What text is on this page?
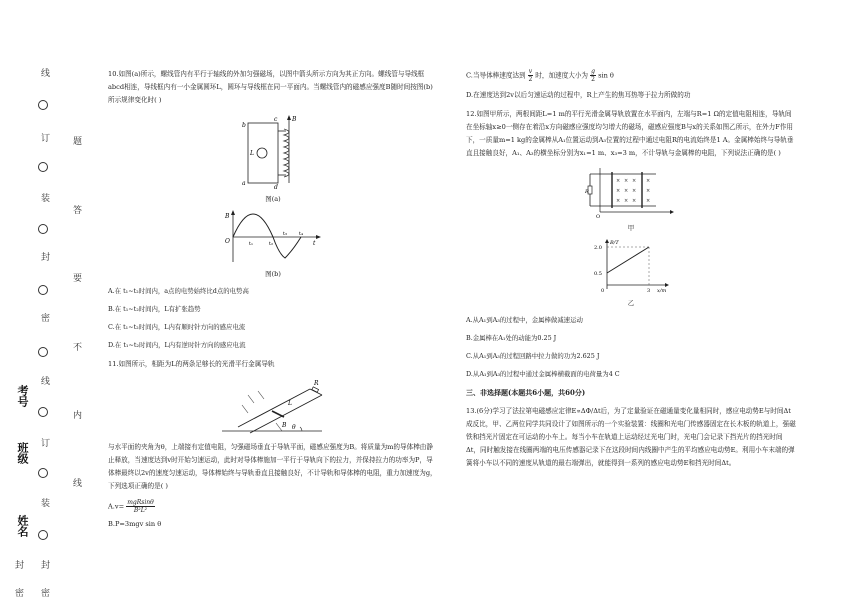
线
订
装
封
密
线
订
装
封
密
题
答
要
不
内
线
考号
班级
姓名
封
密

10.如图(a)所示，螺线管内有平行于轴线的外加匀强磁场，以图中箭头所示方向为其正方向。螺线管与导线框abcd相连，导线框内有一小金属圆环L，圆环与导线框在同一平面内。当螺线管内的磁感应强度B随时间按图(b)所示规律变化时( )

L
b
a
c
d
B

图(a)

B
O	t
t₁	t₂
t₃ t₄

图(b)

A.在 t₁~t₂时间内，a点的电势始终比d点的电势高

B.在 t₁~t₂时间内，L有扩张趋势

C.在 t₁~t₂时间内，L内有顺时针方向的感应电流

D.在 t₁~t₂时间内，L内有逆时针方向的感应电流

11.如图所示，相距为L的两条足够长的光滑平行金属导轨

R
L
B θ

与水平面的夹角为θ，上端接有定值电阻，匀强磁场垂直于导轨平面，磁感应强度为B。将质量为m的导体棒由静止释放，当速度达到v时开始匀速运动，此时对导体棒施加一平行于导轨向下的拉力，并保持拉力的功率为P，导体棒最终以2v的速度匀速运动，导体棒始终与导轨垂直且接触良好，不计导轨和导体棒的电阻，重力加速度为g，下列选项正确的是( )

$A.v= \frac{\text{mgRsinθ}}{\text{B²L²}}$

B.P=3mgv sin θ

C.当导体棒速度达到 $\frac{v}{2}$ 时，加速度大小为 $\frac{g}{2}$ sin θ

D.在速度达到2v以后匀速运动的过程中，R上产生的焦耳热等于拉力所做的功

12.如图甲所示，两根间距L=1 m的平行光滑金属导轨放置在水平面内，左端与R=1 Ω的定值电阻相连，导轨间在坐标轴x≥0一侧存在着沿x方向磁感应强度均匀增大的磁场，磁感应强度B与x的关系如图乙所示，在外力F作用下，一质量m=1 kg的金属棒从A₁位置运动到A₃位置的过程中通过电阻R的电流始终是1 A。金属棒始终与导轨垂直且接触良好，A₁、A₃的横坐标分别为x₁=1 m、x₃=3 m，不计导轨与金属棒的电阻，下列说法正确的是( )

R
× × × ×
× × × ×
× × × ×
O

甲

B/T
2.0
0.5
0	3 x/m

乙

A.从A₁到A₃的过程中，金属棒做减速运动

B.金属棒在A₁处的动能为0.25 J

C.从A₁到A₃的过程回路中拉力做的功为2.625 J

D.从A₁到A₃的过程中通过金属棒横截面的电荷量为4 C

三、非选择题(本题共6小题，共60分)

13.(6分)学习了法拉第电磁感应定律E∝ΔΦ/Δt后，为了定量验证在磁通量变化量相同时，感应电动势E与时间Δt成反比，甲、乙两位同学共同设计了如图所示的一个实验装置：线圈和光电门传感器固定在长木板的轨道上，强磁铁和挡光片固定在可运动的小车上。每当小车在轨道上运动经过光电门时，光电门会记录下挡光片的挡光时间Δt，同时触发接在线圈两端的电压传感器记录下在这段时间内线圈中产生的平均感应电动势E。利用小车末端的弹簧将小车以不同的速度从轨道的最右端弹出，就能得到一系列的感应电动势E和挡光时间Δt。
